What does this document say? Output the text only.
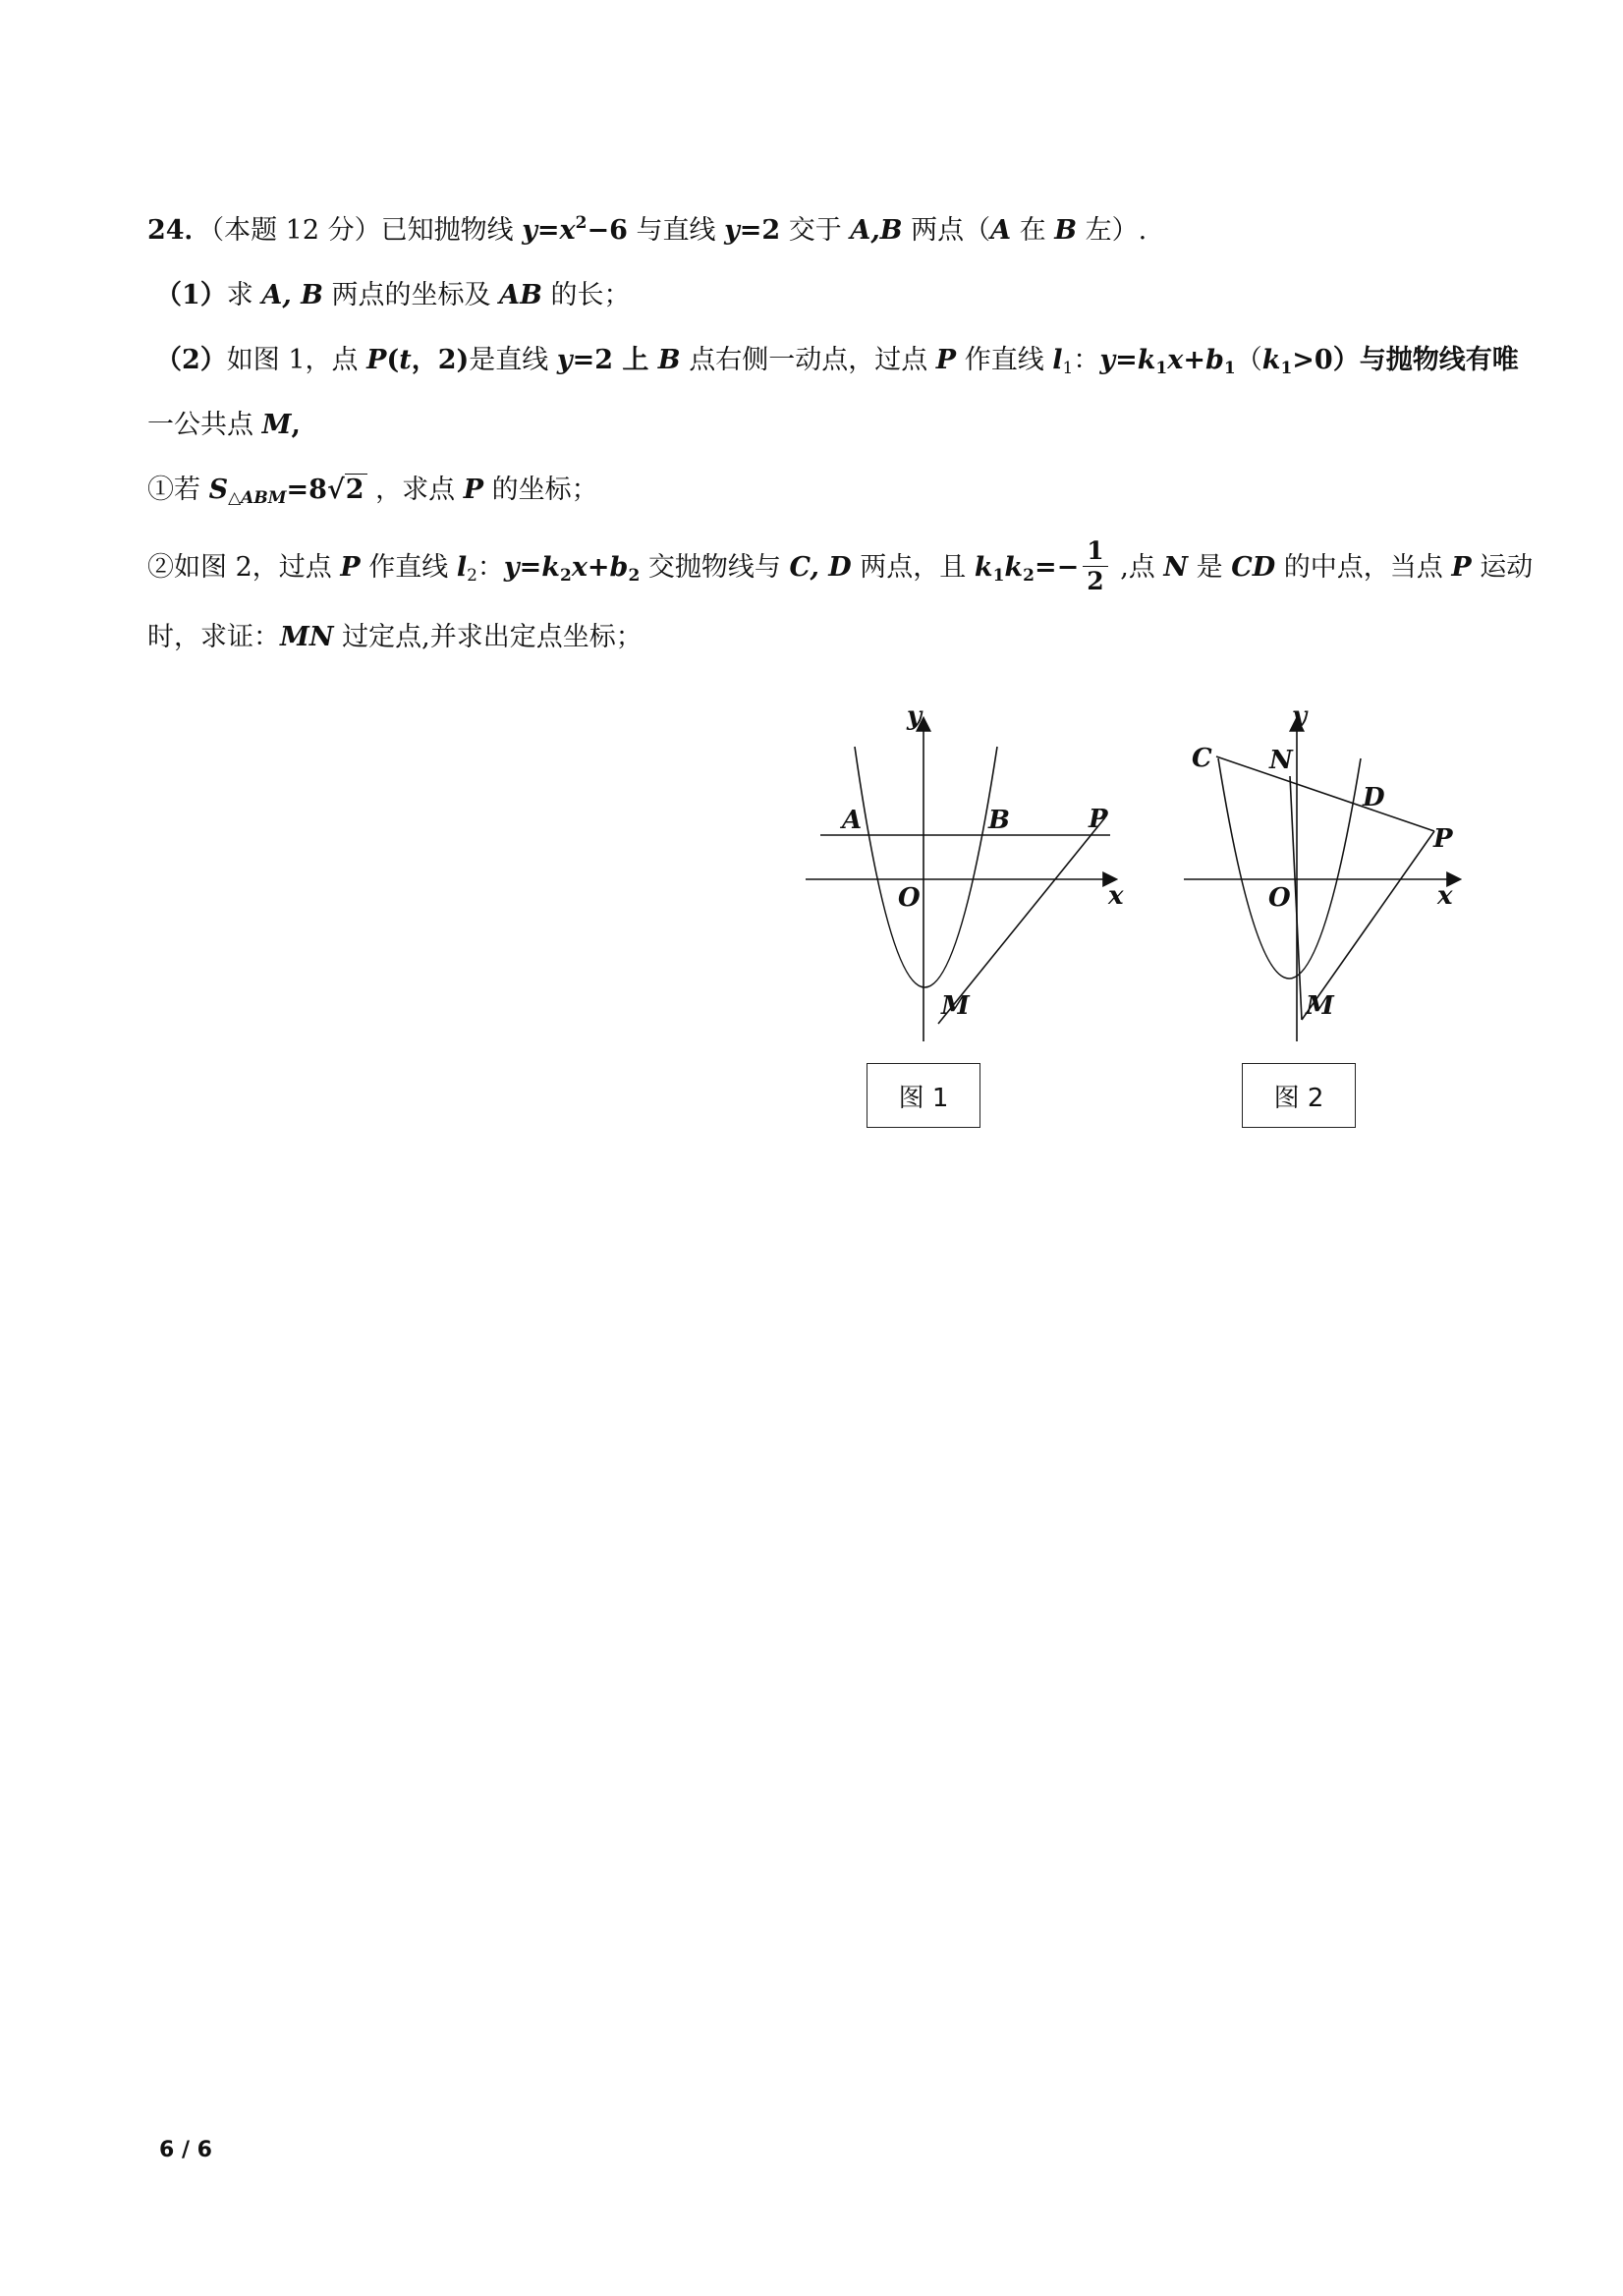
24．（本题 12 分）已知抛物线 $y=x^2-6$ 与直线 y=2 交于 A,B 两点（A 在 B 左）.
（1）求 A, B 两点的坐标及 AB 的长；
（2）如图 1，点 P(t，2)是直线 y=2 上 B 点右侧一动点，过点 P 作直线 $l_1$：$y=k_1x+b_1(k_1>0)$与抛物线有唯
一公共点 M,
①若 $S_{\triangle ABM}=8√2$ ，求点 P 的坐标；
②如图 2，过点 P 作直线 $l_2$：$y=k_2x+b_2$ 交抛物线与 C, D 两点，且 $k_1k_2=- \frac{1}{2}$ ,点 N 是 CD 的中点，当点 P 运动
时，求证：MN 过定点,并求出定点坐标；
y
x
O
A	B	P
M
图 1
y
x
O
C N
D
P
M
图 2
6 / 6
